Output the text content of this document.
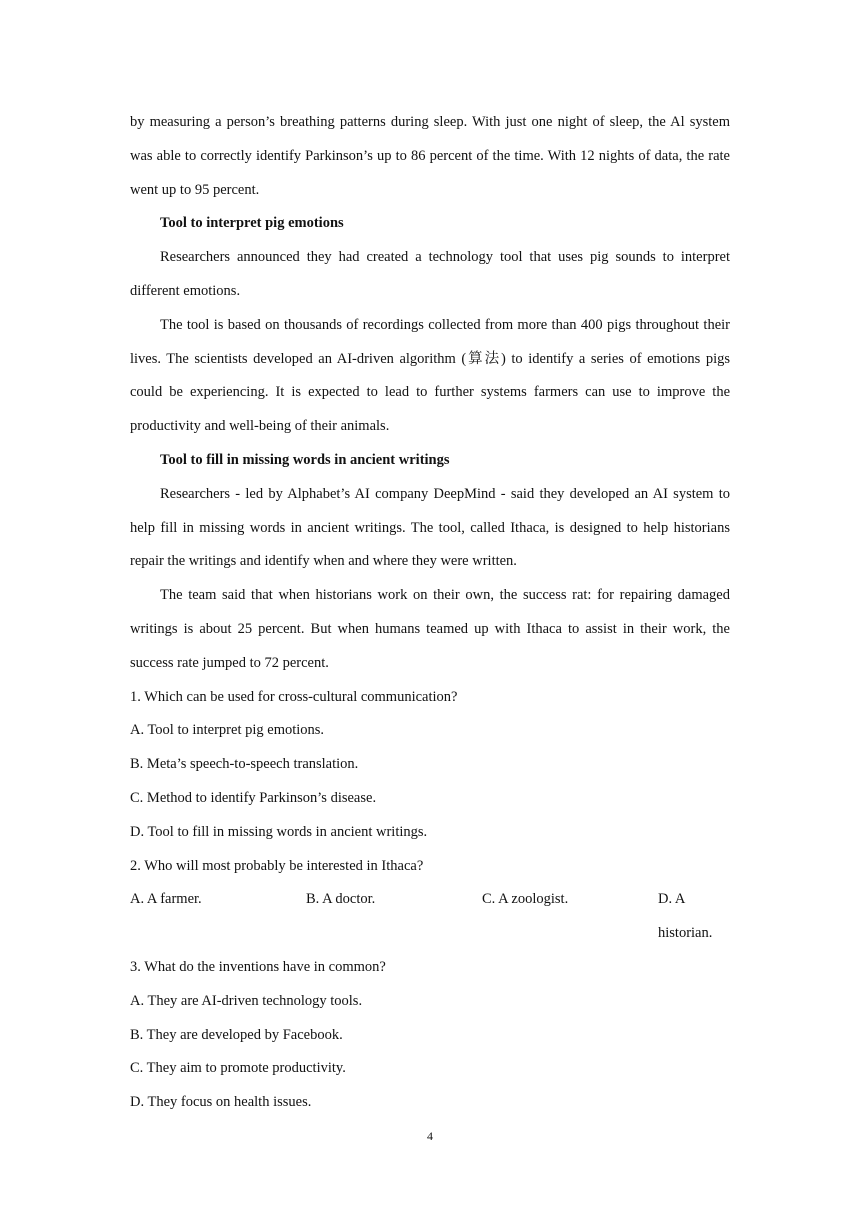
by measuring a person’s breathing patterns during sleep. With just one night of sleep, the Al system was able to correctly identify Parkinson’s up to 86 percent of the time. With 12 nights of data, the rate went up to 95 percent.

Tool to interpret pig emotions

Researchers announced they had created a technology tool that uses pig sounds to interpret different emotions.

The tool is based on thousands of recordings collected from more than 400 pigs throughout their lives. The scientists developed an AI-driven algorithm (算法) to identify a series of emotions pigs could be experiencing. It is expected to lead to further systems farmers can use to improve the productivity and well-being of their animals.

Tool to fill in missing words in ancient writings

Researchers - led by Alphabet’s AI company DeepMind - said they developed an AI system to help fill in missing words in ancient writings. The tool, called Ithaca, is designed to help historians repair the writings and identify when and where they were written.

The team said that when historians work on their own, the success rat: for repairing damaged writings is about 25 percent. But when humans teamed up with Ithaca to assist in their work, the success rate jumped to 72 percent.

1. Which can be used for cross-cultural communication?

A. Tool to interpret pig emotions.

B. Meta’s speech-to-speech translation.

C. Method to identify Parkinson’s disease.

D. Tool to fill in missing words in ancient writings.

2. Who will most probably be interested in Ithaca?

A. A farmer.	B. A doctor.	C. A zoologist.	D. A historian.

3. What do the inventions have in common?

A. They are AI-driven technology tools.

B. They are developed by Facebook.

C. They aim to promote productivity.

D. They focus on health issues.

4
